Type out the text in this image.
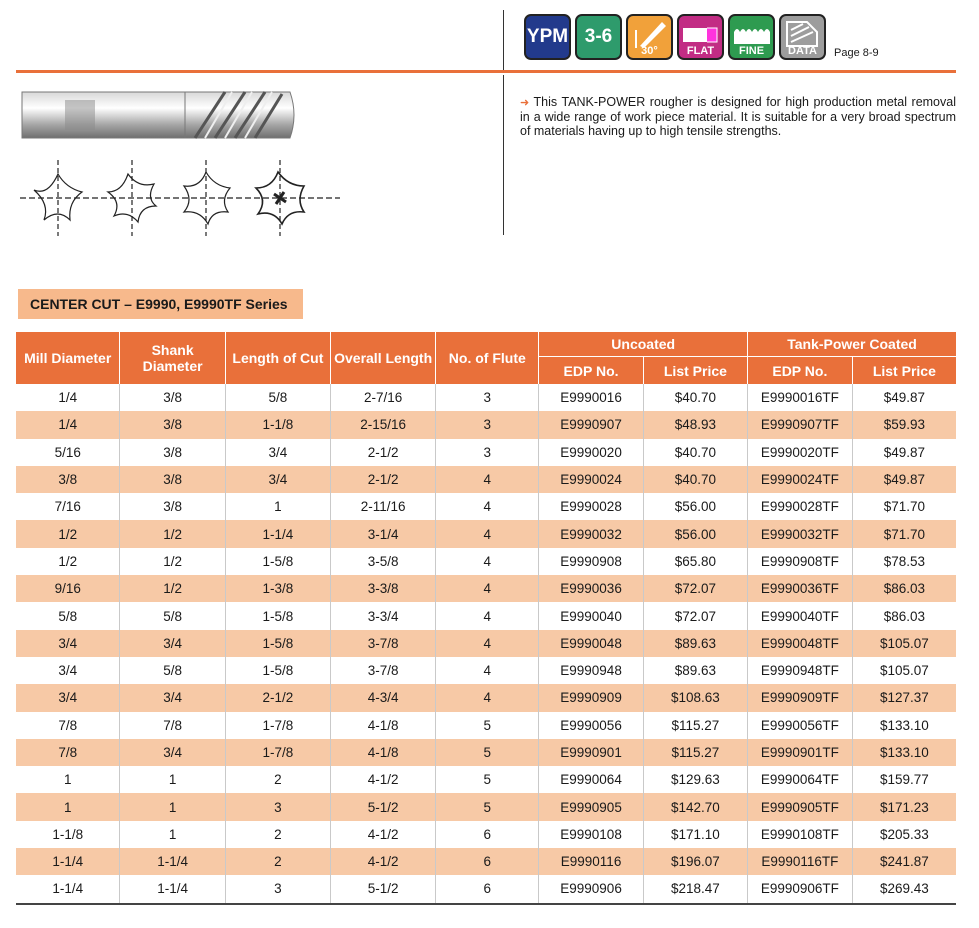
YPM 3-6
30°	FLAT	FINE	DATA	Page 8-9
➜ This TANK-POWER rougher is designed for high production metal removal in a wide range of work piece material. It is suitable for a very broad spectrum of materials having up to high tensile strengths.
CENTER CUT – E9990, E9990TF Series
Mill Diameter	Shank Diameter	Length of Cut	Overall Length	No. of Flute	Uncoated		Tank-Power Coated	
					EDP No.	List Price	EDP No.	List Price
1/4	3/8	5/8	2-7/16	3	E9990016	$40.70	E9990016TF	$49.87
1/4	3/8	1-1/8	2-15/16	3	E9990907	$48.93	E9990907TF	$59.93
5/16	3/8	3/4	2-1/2	3	E9990020	$40.70	E9990020TF	$49.87
3/8	3/8	3/4	2-1/2	4	E9990024	$40.70	E9990024TF	$49.87
7/16	3/8	1	2-11/16	4	E9990028	$56.00	E9990028TF	$71.70
1/2	1/2	1-1/4	3-1/4	4	E9990032	$56.00	E9990032TF	$71.70
1/2	1/2	1-5/8	3-5/8	4	E9990908	$65.80	E9990908TF	$78.53
9/16	1/2	1-3/8	3-3/8	4	E9990036	$72.07	E9990036TF	$86.03
5/8	5/8	1-5/8	3-3/4	4	E9990040	$72.07	E9990040TF	$86.03
3/4	3/4	1-5/8	3-7/8	4	E9990048	$89.63	E9990048TF	$105.07
3/4	5/8	1-5/8	3-7/8	4	E9990948	$89.63	E9990948TF	$105.07
3/4	3/4	2-1/2	4-3/4	4	E9990909	$108.63	E9990909TF	$127.37
7/8	7/8	1-7/8	4-1/8	5	E9990056	$115.27	E9990056TF	$133.10
7/8	3/4	1-7/8	4-1/8	5	E9990901	$115.27	E9990901TF	$133.10
1	1	2	4-1/2	5	E9990064	$129.63	E9990064TF	$159.77
1	1	3	5-1/2	5	E9990905	$142.70	E9990905TF	$171.23
1-1/8	1	2	4-1/2	6	E9990108	$171.10	E9990108TF	$205.33
1-1/4	1-1/4	2	4-1/2	6	E9990116	$196.07	E9990116TF	$241.87
1-1/4	1-1/4	3	5-1/2	6	E9990906	$218.47	E9990906TF	$269.43
